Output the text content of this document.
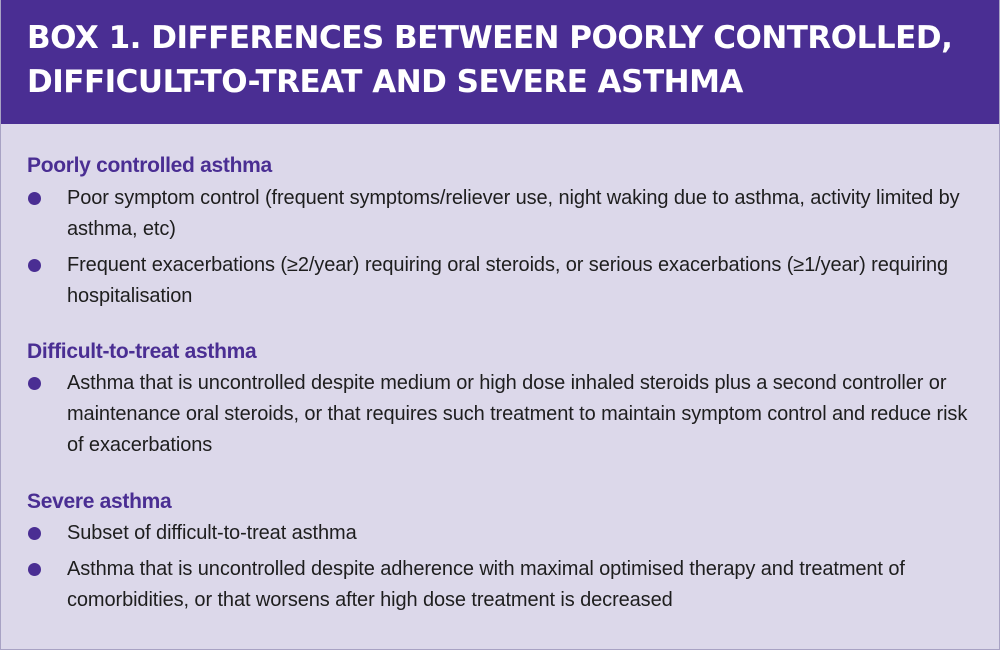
BOX 1. DIFFERENCES BETWEEN POORLY CONTROLLED,
DIFFICULT-TO-TREAT AND SEVERE ASTHMA
Poorly controlled asthma
Poor symptom control (frequent symptoms/reliever use, night waking due to asthma, activity limited by asthma, etc)
Frequent exacerbations (≥2/year) requiring oral steroids, or serious exacerbations (≥1/year) requiring hospitalisation
Difficult-to-treat asthma
Asthma that is uncontrolled despite medium or high dose inhaled steroids plus a second controller or maintenance oral steroids, or that requires such treatment to maintain symptom control and reduce risk of exacerbations
Severe asthma
Subset of difficult-to-treat asthma
Asthma that is uncontrolled despite adherence with maximal optimised therapy and treatment of comorbidities, or that worsens after high dose treatment is decreased
